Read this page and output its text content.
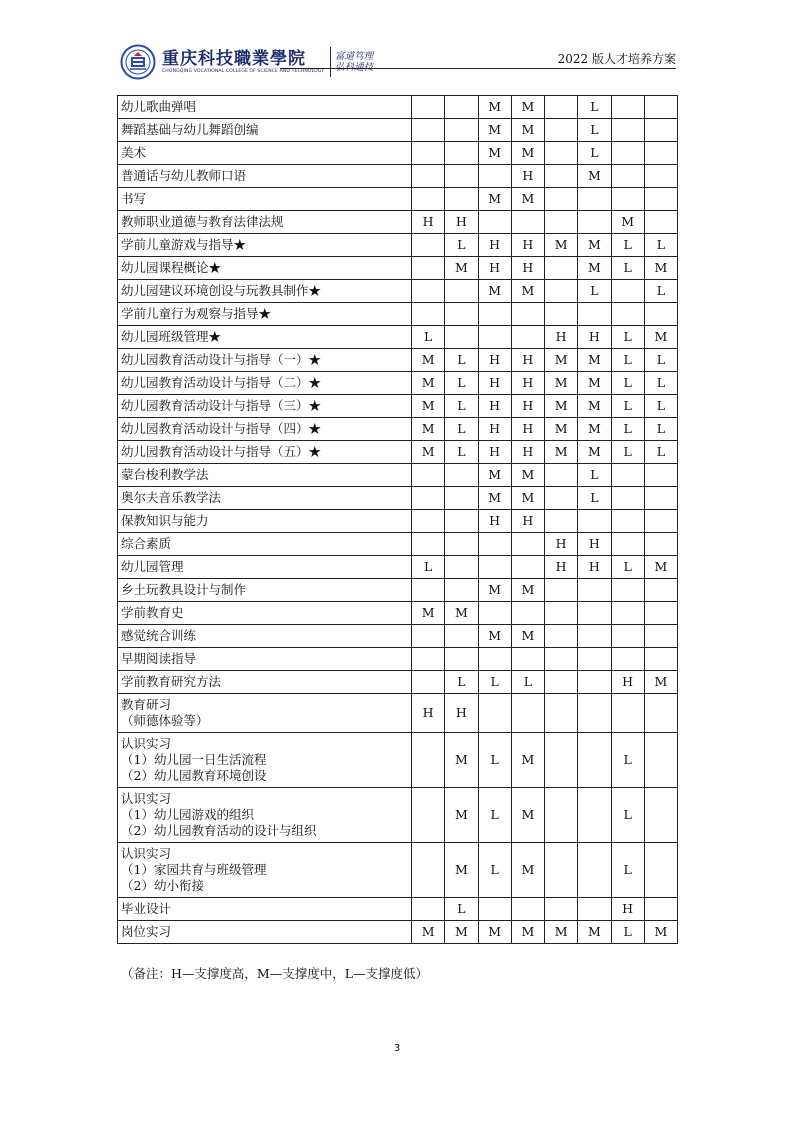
重庆科技職業學院
CHONGQING VOCATIONAL COLLEGE OF SCIENCE AND TECHNOLOGY
富道笃理
弘科通技
2022 版人才培养方案
幼儿歌曲弹唱			M	M		L		

舞蹈基础与幼儿舞蹈创编			M	M		L		

美术			M	M		L		

普通话与幼儿教师口语				H		M		

书写			M	M				

教师职业道德与教育法律法规	H	H					M	

学前儿童游戏与指导★		L	H	H	M	M	L	L

幼儿园课程概论★		M	H	H		M	L	M

幼儿园建议环境创设与玩教具制作★			M	M		L		L

学前儿童行为观察与指导★								

幼儿园班级管理★	L				H	H	L	M

幼儿园教育活动设计与指导（一）★	M	L	H	H	M	M	L	L

幼儿园教育活动设计与指导（二）★	M	L	H	H	M	M	L	L

幼儿园教育活动设计与指导（三）★	M	L	H	H	M	M	L	L

幼儿园教育活动设计与指导（四）★	M	L	H	H	M	M	L	L

幼儿园教育活动设计与指导（五）★	M	L	H	H	M	M	L	L

蒙台梭利教学法			M	M		L		

奥尔夫音乐教学法			M	M		L		

保教知识与能力			H	H				

综合素质					H	H		

幼儿园管理	L				H	H	L	M

乡土玩教具设计与制作			M	M				

学前教育史	M	M						

感觉统合训练			M	M				

早期阅读指导								

学前教育研究方法		L	L	L			H	M

教育研习
（师德体验等）	H	H						

认识实习
（1）幼儿园一日生活流程
（2）幼儿园教育环境创设		M	L	M			L	

认识实习
（1）幼儿园游戏的组织
（2）幼儿园教育活动的设计与组织		M	L	M			L	

认识实习
（1）家园共育与班级管理
（2）幼小衔接		M	L	M			L	

毕业设计		L					H	

岗位实习	M	M	M	M	M	M	L	M
（备注：H—支撑度高，M—支撑度中，L—支撑度低）
3
